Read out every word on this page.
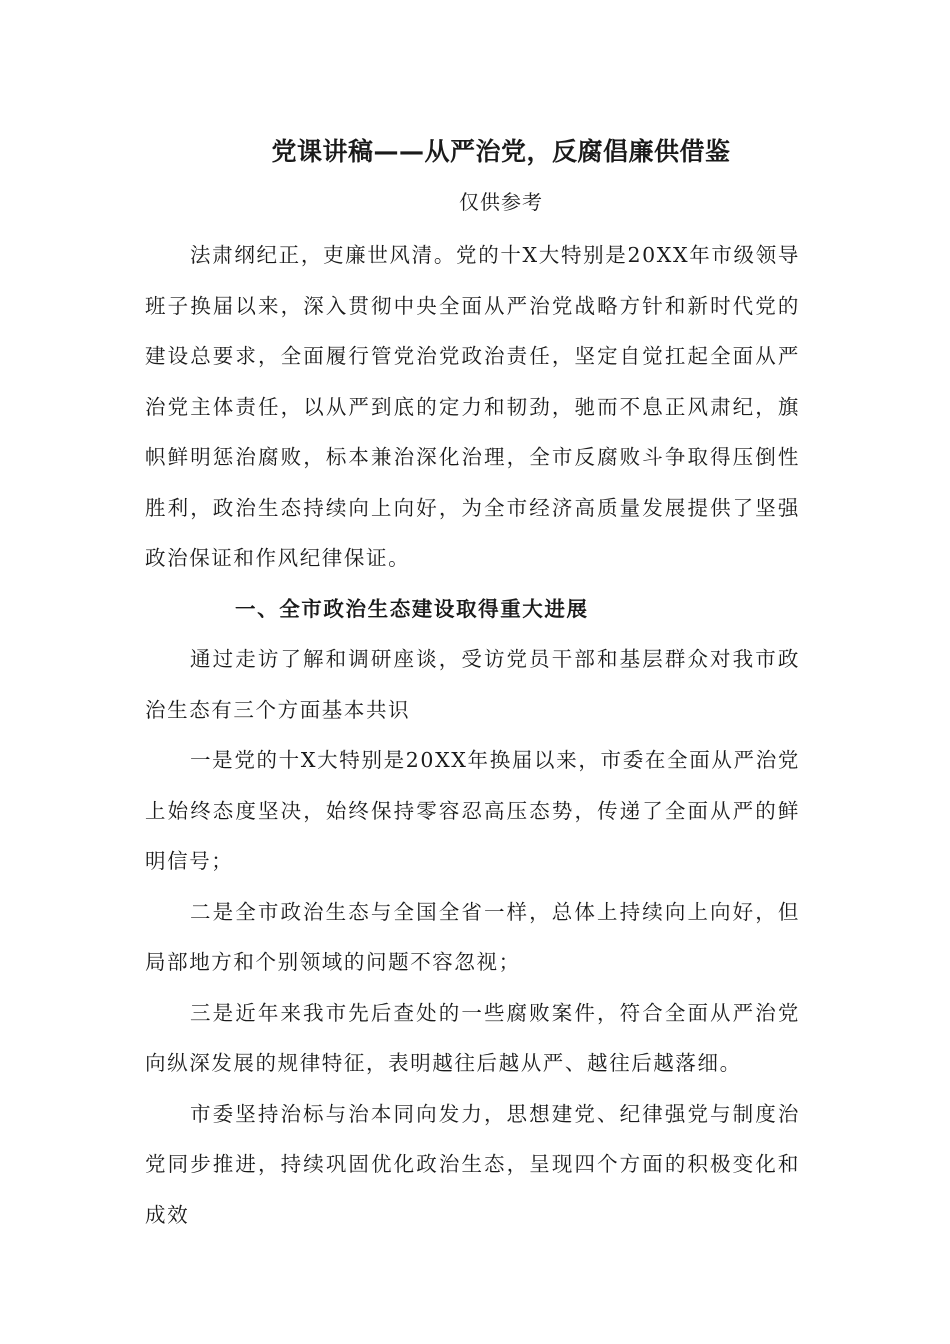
党课讲稿——从严治党，反腐倡廉供借鉴
仅供参考

法肃纲纪正，吏廉世风清。党的十X大特别是20XX年市级领导班子换届以来，深入贯彻中央全面从严治党战略方针和新时代党的建设总要求，全面履行管党治党政治责任，坚定自觉扛起全面从严治党主体责任，以从严到底的定力和韧劲，驰而不息正风肃纪，旗帜鲜明惩治腐败，标本兼治深化治理，全市反腐败斗争取得压倒性胜利，政治生态持续向上向好，为全市经济高质量发展提供了坚强政治保证和作风纪律保证。

一、全市政治生态建设取得重大进展

通过走访了解和调研座谈，受访党员干部和基层群众对我市政治生态有三个方面基本共识

一是党的十X大特别是20XX年换届以来，市委在全面从严治党上始终态度坚决，始终保持零容忍高压态势，传递了全面从严的鲜明信号；

二是全市政治生态与全国全省一样，总体上持续向上向好，但局部地方和个别领域的问题不容忽视；

三是近年来我市先后查处的一些腐败案件，符合全面从严治党向纵深发展的规律特征，表明越往后越从严、越往后越落细。

市委坚持治标与治本同向发力，思想建党、纪律强党与制度治党同步推进，持续巩固优化政治生态，呈现四个方面的积极变化和成效
